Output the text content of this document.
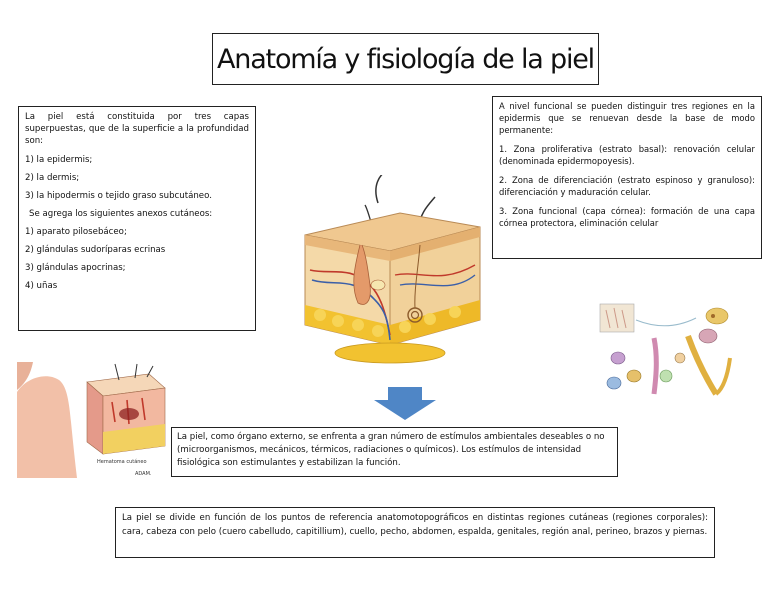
Anatomía y fisiología de la piel

La piel está constituida por tres capas superpuestas, que de la superficie a la profundidad son:

1) la epidermis;

2) la dermis;

3) la hipodermis o tejido graso subcutáneo.

Se agrega los siguientes anexos cutáneos:

1) aparato pilosebáceo;

2) glándulas sudoríparas ecrinas

3) glándulas apocrinas;

4) uñas

A nivel funcional se pueden distinguir tres regiones en la epidermis que se renuevan desde la base de modo permanente:

1. Zona proliferativa (estrato basal): renovación celular (denominada epidermopoyesis).

2. Zona de diferenciación (estrato espinoso y granuloso): diferenciación y maduración celular.

3. Zona funcional (capa córnea): formación de una capa córnea protectora, eliminación celular

Hematoma cutáneo
ADAM.
La piel, como órgano externo, se enfrenta a gran número de estímulos ambientales deseables o no (microorganismos, mecánicos, térmicos, radiaciones o químicos). Los estímulos de intensidad fisiológica son estimulantes y estabilizan la función.
La piel se divide en función de los puntos de referencia anatomotopográficos en distintas regiones cutáneas (regiones corporales): cara, cabeza con pelo (cuero cabelludo, capitillium), cuello, pecho, abdomen, espalda, genitales, región anal, perineo, brazos y piernas.
